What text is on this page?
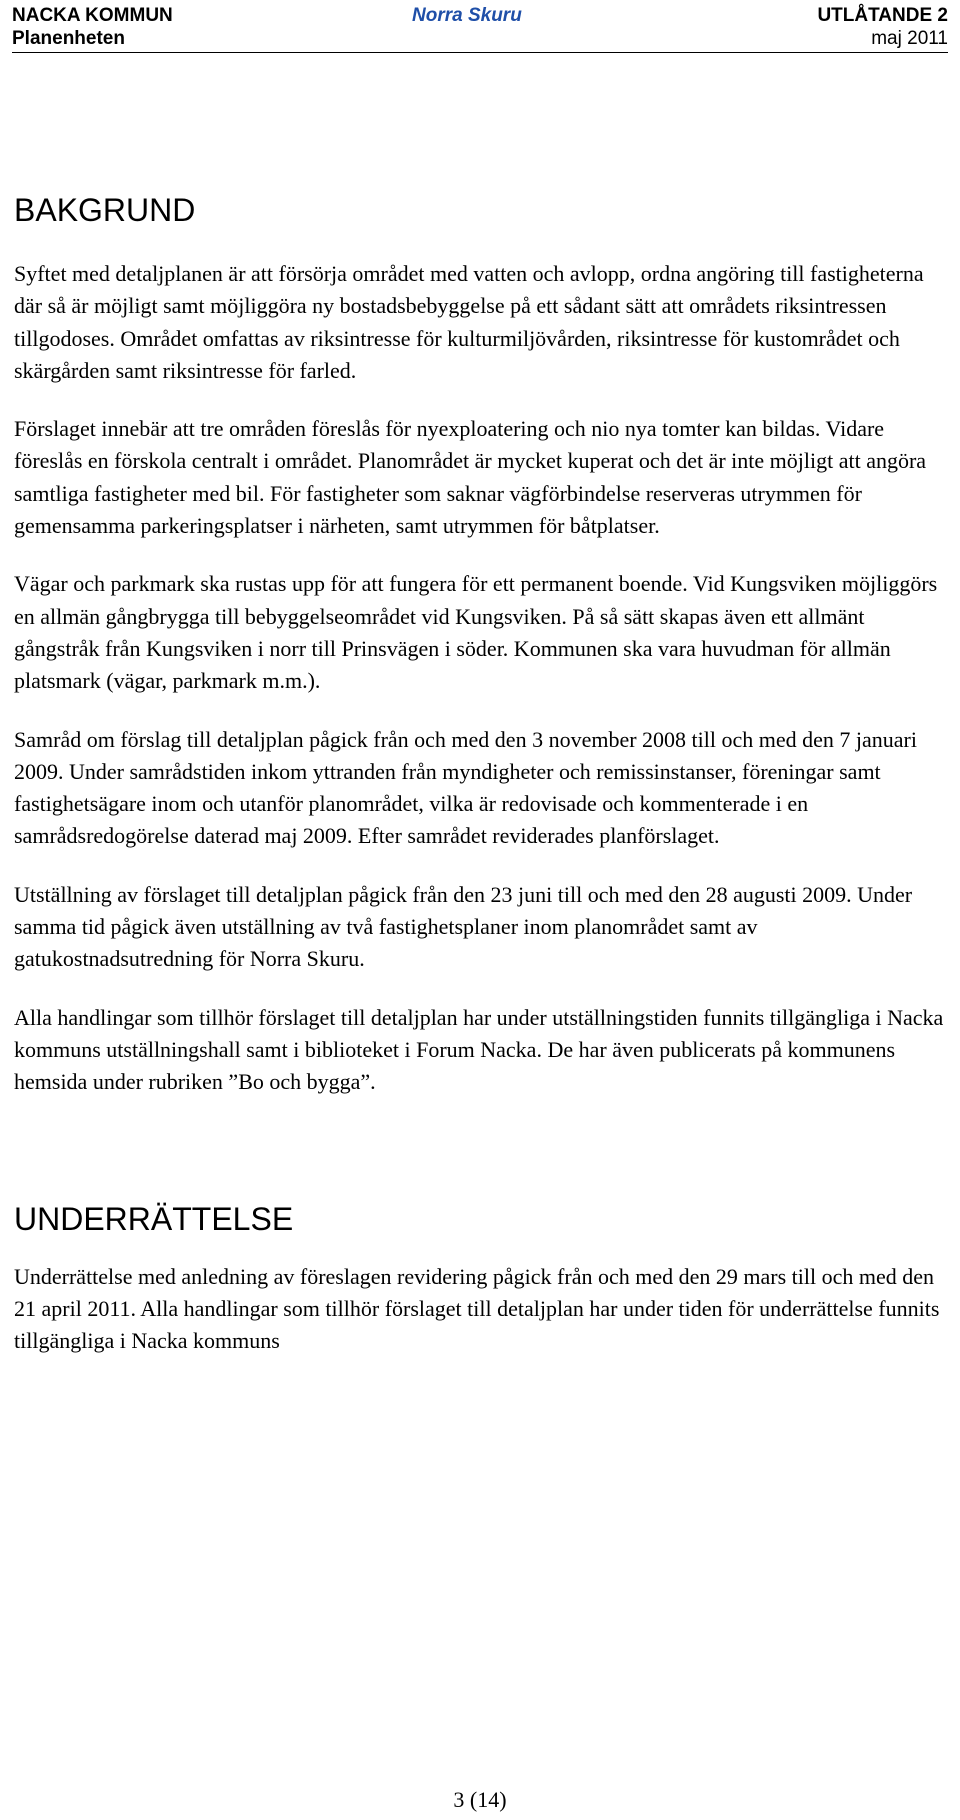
NACKA KOMMUN	Norra Skuru	UTLÅTANDE 2
Planenheten	maj 2011
BAKGRUND

Syftet med detaljplanen är att försörja området med vatten och avlopp, ordna angöring till fastigheterna där så är möjligt samt möjliggöra ny bostadsbebyggelse på ett sådant sätt att områdets riksintressen tillgodoses. Området omfattas av riksintresse för kulturmiljövården, riksintresse för kustområdet och skärgården samt riksintresse för farled.

Förslaget innebär att tre områden föreslås för nyexploatering och nio nya tomter kan bildas. Vidare föreslås en förskola centralt i området. Planområdet är mycket kuperat och det är inte möjligt att angöra samtliga fastigheter med bil. För fastigheter som saknar vägförbindelse reserveras utrymmen för gemensamma parkeringsplatser i närheten, samt utrymmen för båtplatser.

Vägar och parkmark ska rustas upp för att fungera för ett permanent boende. Vid Kungsviken möjliggörs en allmän gångbrygga till bebyggelseområdet vid Kungsviken. På så sätt skapas även ett allmänt gångstråk från Kungsviken i norr till Prinsvägen i söder. Kommunen ska vara huvudman för allmän platsmark (vägar, parkmark m.m.).

Samråd om förslag till detaljplan pågick från och med den 3 november 2008 till och med den 7 januari 2009. Under samrådstiden inkom yttranden från myndigheter och remissinstanser, föreningar samt fastighetsägare inom och utanför planområdet, vilka är redovisade och kommenterade i en samrådsredogörelse daterad maj 2009. Efter samrådet reviderades planförslaget.

Utställning av förslaget till detaljplan pågick från den 23 juni till och med den 28 augusti 2009. Under samma tid pågick även utställning av två fastighetsplaner inom planområdet samt av gatukostnadsutredning för Norra Skuru.

Alla handlingar som tillhör förslaget till detaljplan har under utställningstiden funnits tillgängliga i Nacka kommuns utställningshall samt i biblioteket i Forum Nacka. De har även publicerats på kommunens hemsida under rubriken ”Bo och bygga”.

UNDERRÄTTELSE

Underrättelse med anledning av föreslagen revidering pågick från och med den 29 mars till och med den 21 april 2011. Alla handlingar som tillhör förslaget till detaljplan har under tiden för underrättelse funnits tillgängliga i Nacka kommuns

3 (14)
